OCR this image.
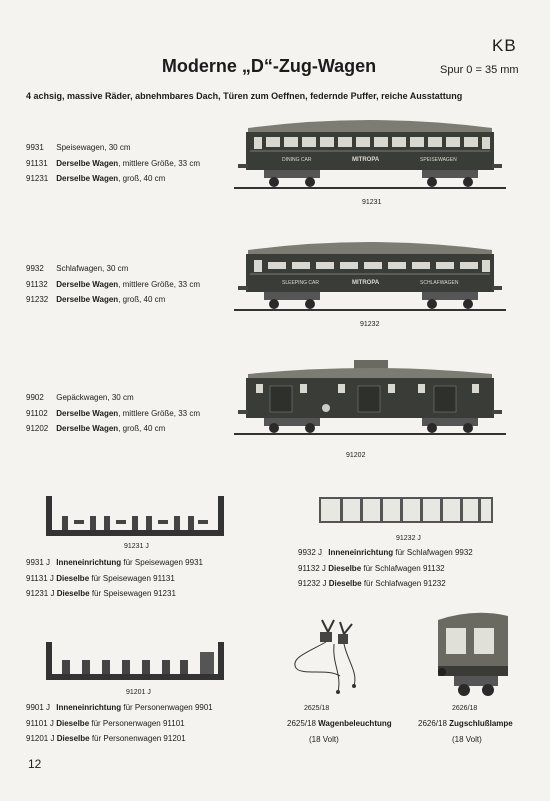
KB
Moderne „D“-Zug-Wagen	Spur 0 = 35 mm
4 achsig, massive Räder, abnehmbares Dach, Türen zum Oeffnen, federnde Puffer, reiche Ausstattung
9931 Speisewagen, 30 cm
91131 Derselbe Wagen, mittlere Größe, 33 cm
91231 Derselbe Wagen, groß, 40 cm
DINING CAR	MITROPA	SPEISEWAGEN
91231
9932 Schlafwagen, 30 cm
91132 Derselbe Wagen, mittlere Größe, 33 cm
91232 Derselbe Wagen, groß, 40 cm
SLEEPING CAR	MITROPA	SCHLAFWAGEN
91232
9902 Gepäckwagen, 30 cm
91102 Derselbe Wagen, mittlere Größe, 33 cm
91202 Derselbe Wagen, groß, 40 cm
91202
91231 J
9931 J Inneneinrichtung für Speisewagen 9931
91131 J Dieselbe für Speisewagen 91131
91231 J Dieselbe für Speisewagen 91231
91232 J
9932 J Inneneinrichtung für Schlafwagen 9932
91132 J Dieselbe für Schlafwagen 91132
91232 J Dieselbe für Schlafwagen 91232
91201 J
9901 J Inneneinrichtung für Personenwagen 9901
91101 J Dieselbe für Personenwagen 91101
91201 J Dieselbe für Personenwagen 91201
2625/18
2625/18 Wagenbeleuchtung
(18 Volt)
2626/18
2626/18 Zugschlußlampe
(18 Volt)
12
